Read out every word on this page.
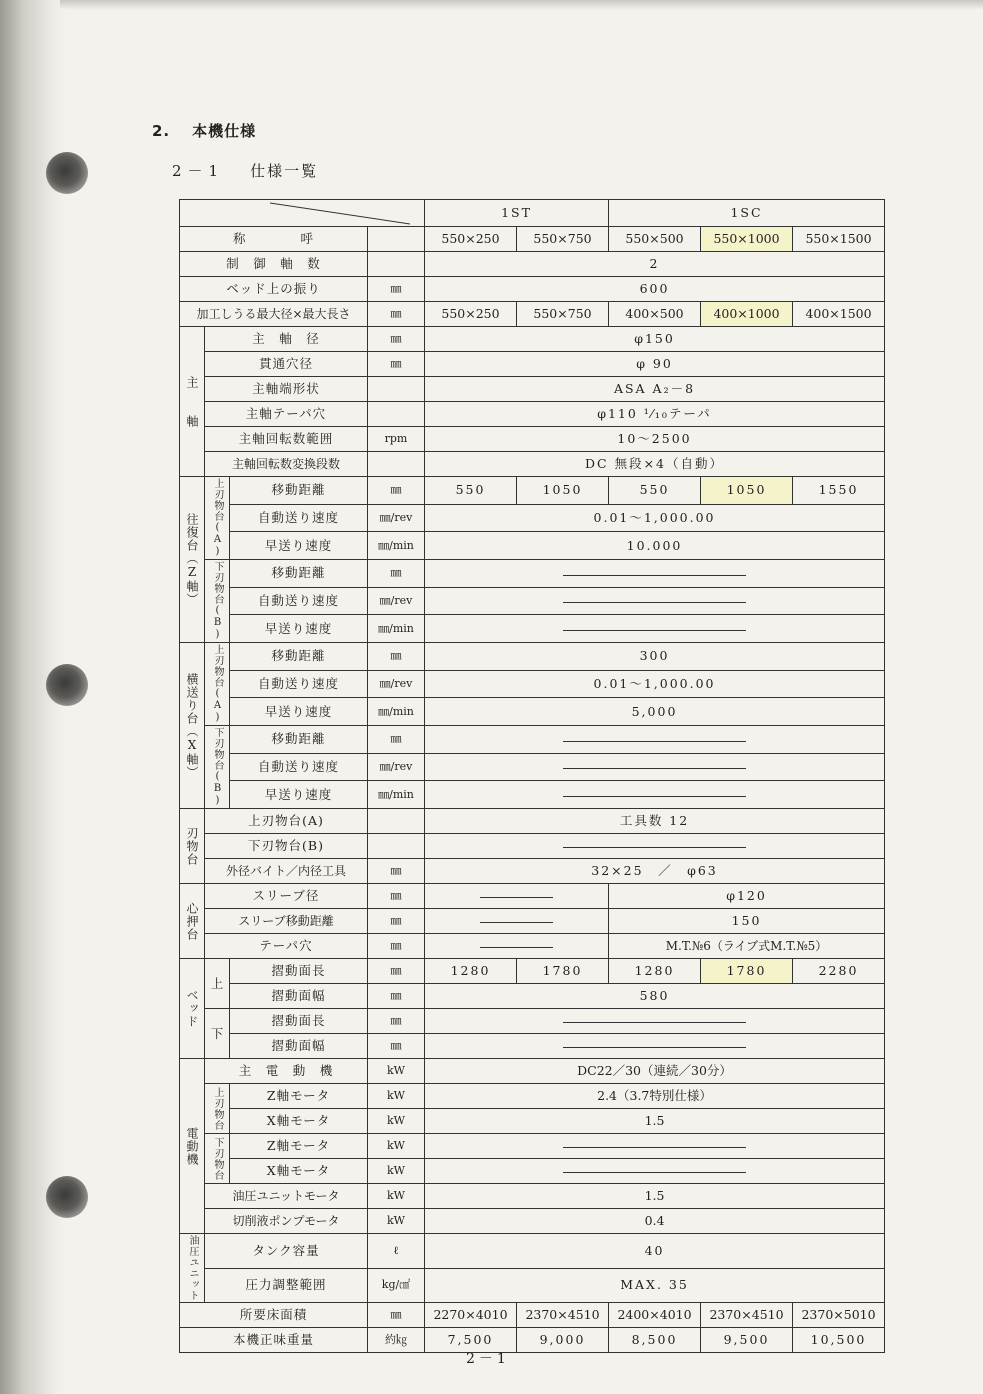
2. 本機仕様
2－1 仕様一覧
	1ST		1SC		
称　　　　呼				550×250	550×750	550×500	550×1000	550×1500
制　御　軸　数				2				
ベッド上の振り			㎜	600				
加工しうる最大径×最大長さ			㎜	550×250	550×750	400×500	400×1000	400×1500
主　　軸	主　軸　径		㎜	φ150				
	貫通穴径		㎜	φ 90				
	主軸端形状			ASA A₂－8				
	主軸テーパ穴			φ110 ¹⁄₁₀テーパ				
	主軸回転数範囲		rpm	10～2500				
	主軸回転数変換段数			DC 無段×4（自動）				
往復台（Z軸）	上刃物台(A)	移動距離	㎜	550	1050	550	1050	1550
		自動送り速度	㎜/rev	0.01～1,000.00				
		早送り速度	㎜/min	10.000				
	下刃物台(B)	移動距離	㎜					
		自動送り速度	㎜/rev					
		早送り速度	㎜/min					
横送り台（X軸）	上刃物台(A)	移動距離	㎜	300				
		自動送り速度	㎜/rev	0.01～1,000.00				
		早送り速度	㎜/min	5,000				
	下刃物台(B)	移動距離	㎜					
		自動送り速度	㎜/rev					
		早送り速度	㎜/min					
刃物台	上刃物台(A)			工具数 12				
	下刃物台(B)							
	外径バイト／内径工具		㎜	32×25　／　φ63				
心押台	スリーブ径		㎜			φ120		
	スリーブ移動距離		㎜			150		
	テーパ穴		㎜			M.T.№6（ライブ式M.T.№5）		
ベッド	上	摺動面長	㎜	1280	1780	1280	1780	2280
		摺動面幅	㎜	580				
	下	摺動面長	㎜					
		摺動面幅	㎜					
電動機	主　電　動　機		kW	DC22／30（連続／30分）				
	上刃物台	Z軸モータ	kW	2.4（3.7特別仕様）				
		X軸モータ	kW	1.5				
	下刃物台	Z軸モータ	kW					
		X軸モータ	kW					
	油圧ユニットモータ		kW	1.5				
	切削液ポンプモータ		kW	0.4				
油圧ユニット	タンク容量		ℓ	40				
	圧力調整範囲		kg/㎠	MAX. 35				
所要床面積			㎜	2270×4010	2370×4510	2400×4010	2370×4510	2370×5010
本機正味重量			約㎏	7,500	9,000	8,500	9,500	10,500
2－1
